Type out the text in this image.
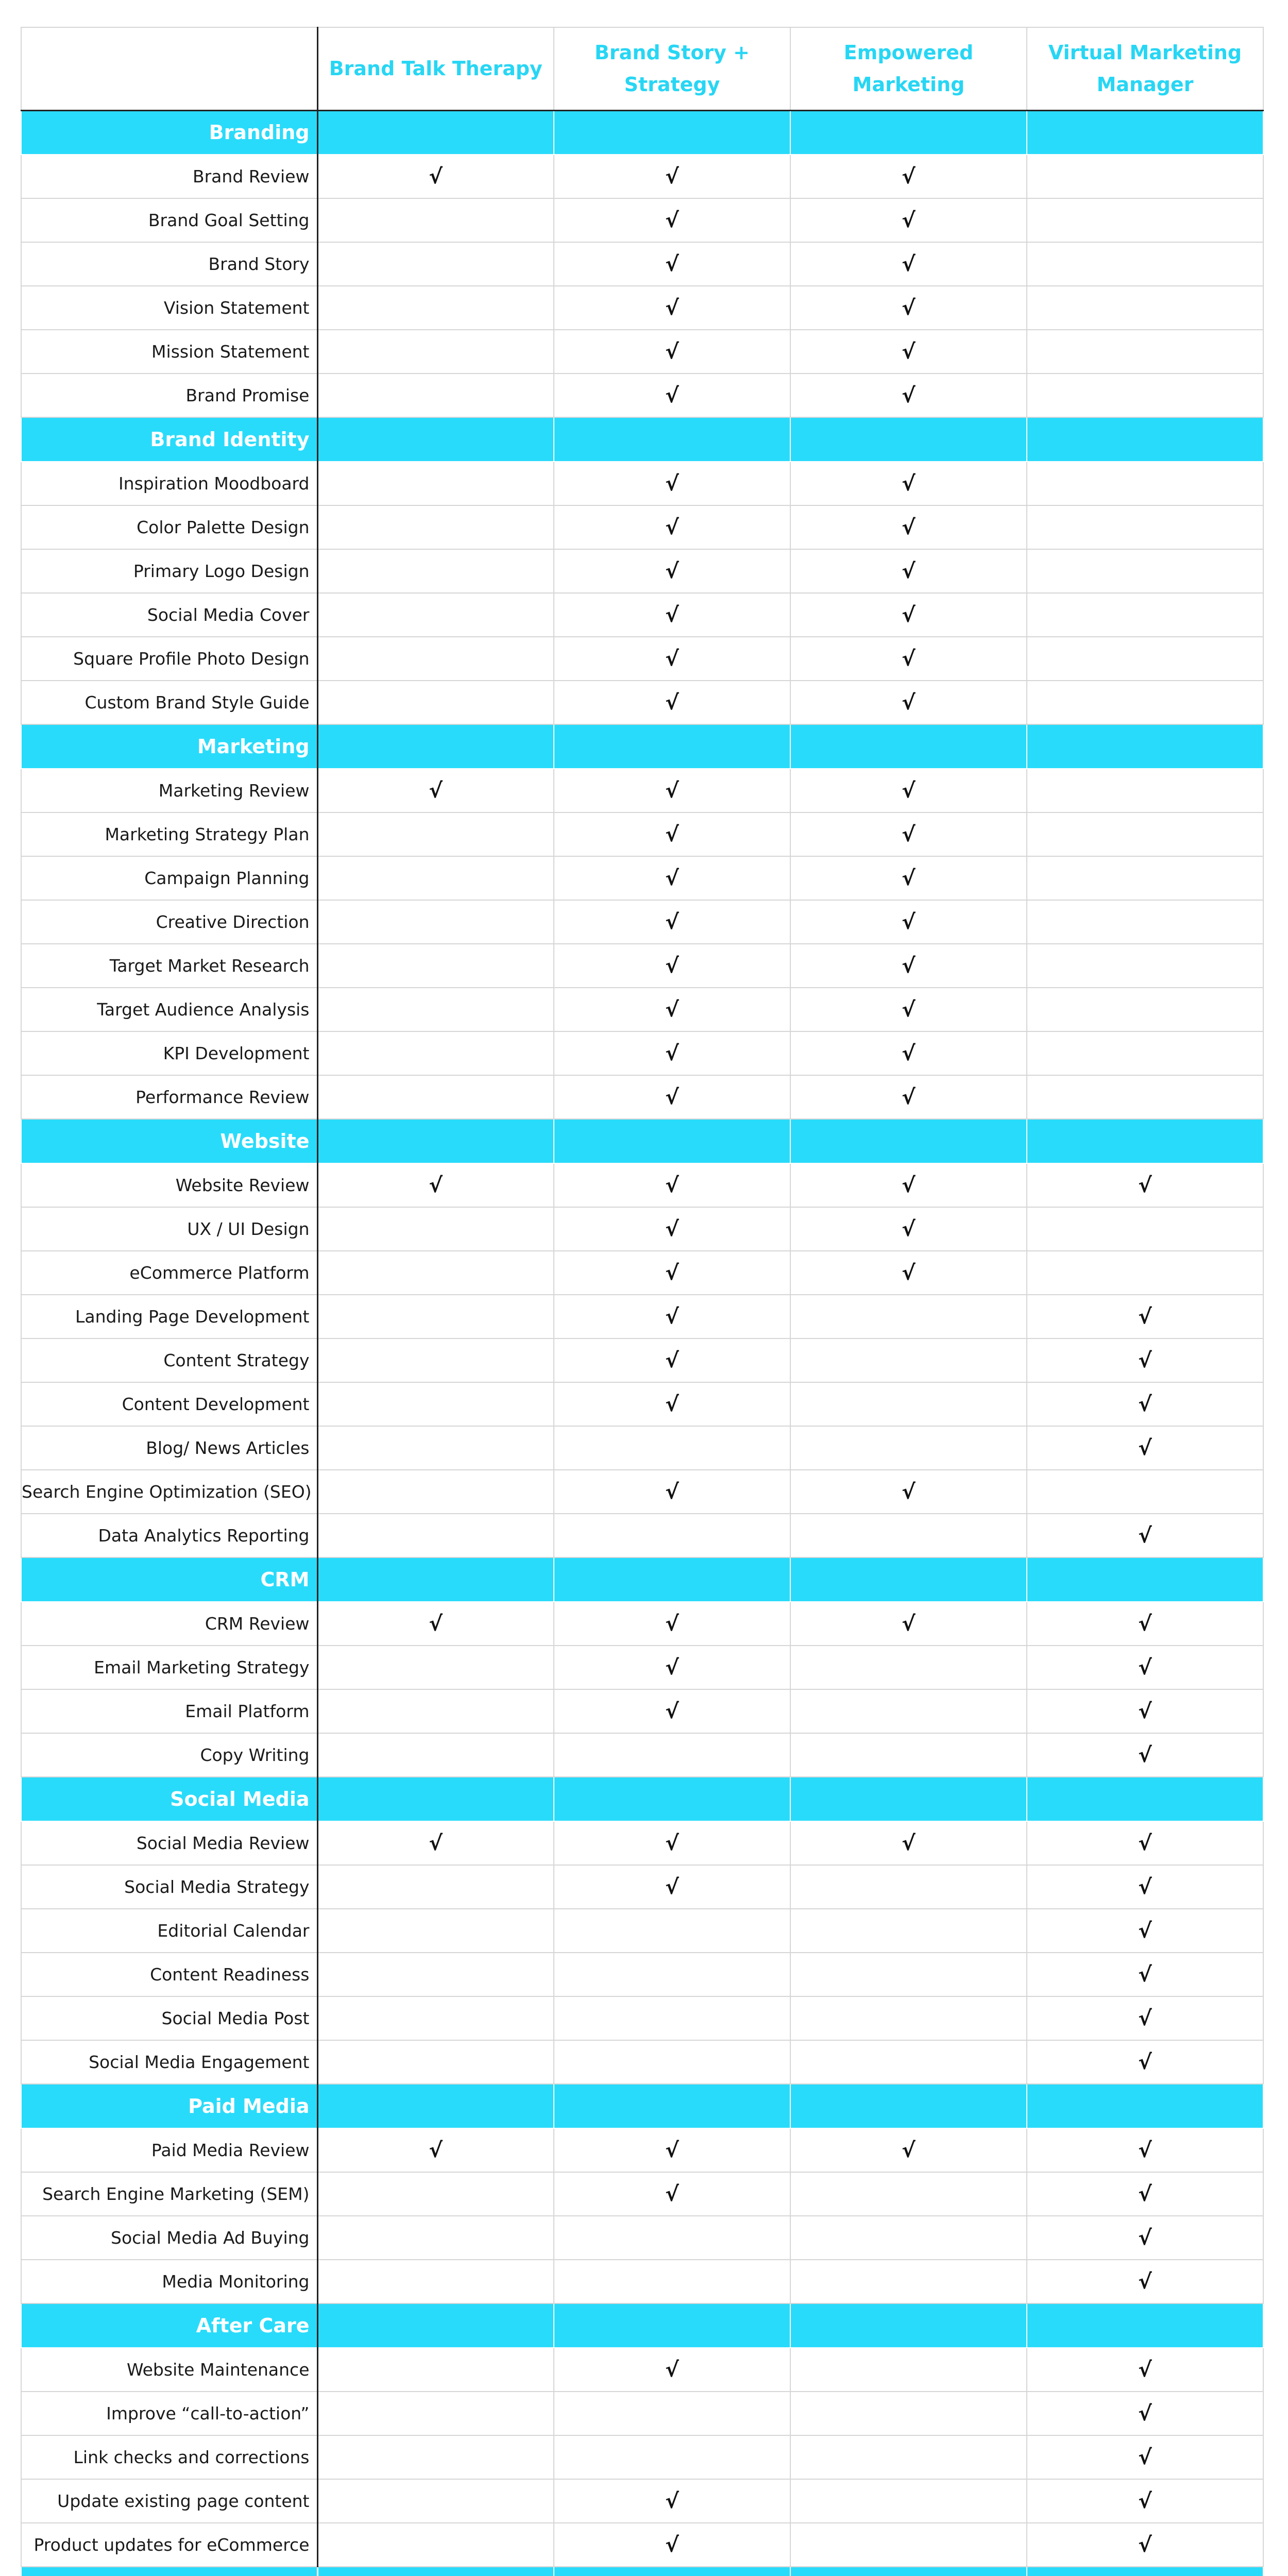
	Brand Talk Therapy	Brand Story + Strategy	Empowered Marketing	Virtual Marketing Manager
Branding				
Brand Review	√	√	√	
Brand Goal Setting		√	√	
Brand Story		√	√	
Vision Statement		√	√	
Mission Statement		√	√	
Brand Promise		√	√	
Brand Identity				
Inspiration Moodboard		√	√	
Color Palette Design		√	√	
Primary Logo Design		√	√	
Social Media Cover		√	√	
Square Profile Photo Design		√	√	
Custom Brand Style Guide		√	√	
Marketing				
Marketing Review	√	√	√	
Marketing Strategy Plan		√	√	
Campaign Planning		√	√	
Creative Direction		√	√	
Target Market Research		√	√	
Target Audience Analysis		√	√	
KPI Development		√	√	
Performance Review		√	√	
Website				
Website Review	√	√	√	√
UX / UI Design		√	√	
eCommerce Platform		√	√	
Landing Page Development		√		√
Content Strategy		√		√
Content Development		√		√
Blog/ News Articles				√
Search Engine Optimization (SEO)		√	√	
Data Analytics Reporting				√
CRM				
CRM Review	√	√	√	√
Email Marketing Strategy		√		√
Email Platform		√		√
Copy Writing				√
Social Media				
Social Media Review	√	√	√	√
Social Media Strategy		√		√
Editorial Calendar				√
Content Readiness				√
Social Media Post				√
Social Media Engagement				√
Paid Media				
Paid Media Review	√	√	√	√
Search Engine Marketing (SEM)		√		√
Social Media Ad Buying				√
Media Monitoring				√
After Care				
Website Maintenance		√		√
Improve “call-to-action”				√
Link checks and corrections				√
Update existing page content		√		√
Product updates for eCommerce		√		√
